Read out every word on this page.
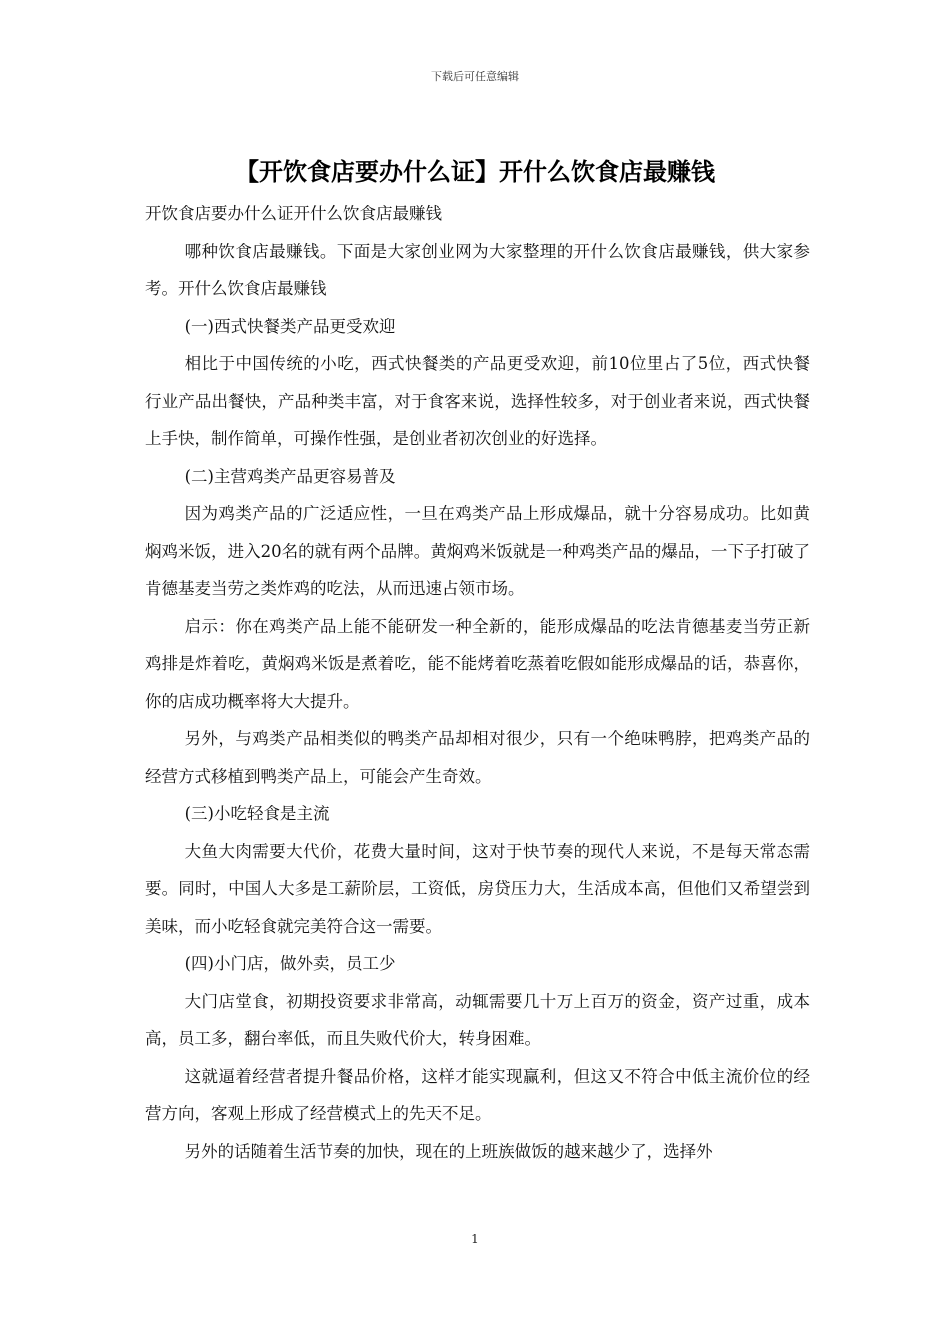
下载后可任意编辑
【开饮食店要办什么证】开什么饮食店最赚钱

开饮食店要办什么证开什么饮食店最赚钱

哪种饮食店最赚钱。下面是大家创业网为大家整理的开什么饮食店最赚钱，供大家参考。开什么饮食店最赚钱

(一)西式快餐类产品更受欢迎

相比于中国传统的小吃，西式快餐类的产品更受欢迎，前10位里占了5位，西式快餐行业产品出餐快，产品种类丰富，对于食客来说，选择性较多，对于创业者来说，西式快餐上手快，制作简单，可操作性强，是创业者初次创业的好选择。

(二)主营鸡类产品更容易普及

因为鸡类产品的广泛适应性，一旦在鸡类产品上形成爆品，就十分容易成功。比如黄焖鸡米饭，进入20名的就有两个品牌。黄焖鸡米饭就是一种鸡类产品的爆品，一下子打破了肯德基麦当劳之类炸鸡的吃法，从而迅速占领市场。

启示：你在鸡类产品上能不能研发一种全新的，能形成爆品的吃法肯德基麦当劳正新鸡排是炸着吃，黄焖鸡米饭是煮着吃，能不能烤着吃蒸着吃假如能形成爆品的话，恭喜你，你的店成功概率将大大提升。

另外，与鸡类产品相类似的鸭类产品却相对很少，只有一个绝味鸭脖，把鸡类产品的经营方式移植到鸭类产品上，可能会产生奇效。

(三)小吃轻食是主流

大鱼大肉需要大代价，花费大量时间，这对于快节奏的现代人来说，不是每天常态需要。同时，中国人大多是工薪阶层，工资低，房贷压力大，生活成本高，但他们又希望尝到美味，而小吃轻食就完美符合这一需要。

(四)小门店，做外卖，员工少

大门店堂食，初期投资要求非常高，动辄需要几十万上百万的资金，资产过重，成本高，员工多，翻台率低，而且失败代价大，转身困难。

这就逼着经营者提升餐品价格，这样才能实现赢利，但这又不符合中低主流价位的经营方向，客观上形成了经营模式上的先天不足。

另外的话随着生活节奏的加快，现在的上班族做饭的越来越少了，选择外

1
